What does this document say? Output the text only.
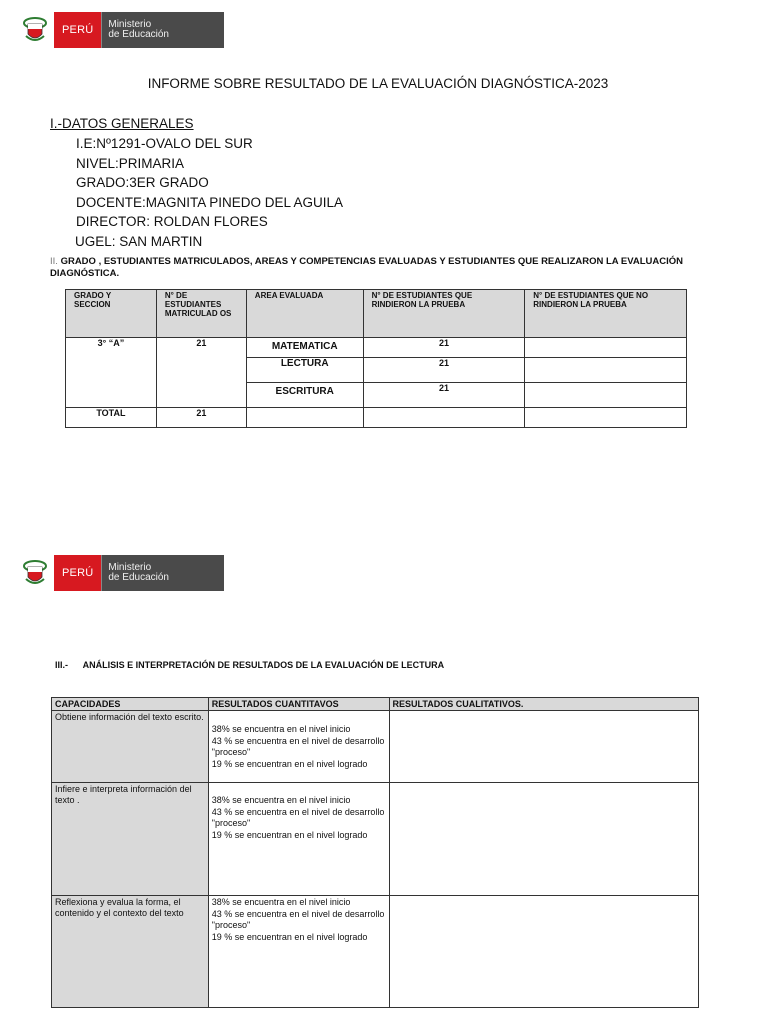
PERÚ	Ministerio
de Educación
INFORME SOBRE RESULTADO DE LA EVALUACIÓN DIAGNÓSTICA-2023
I.-DATOS GENERALES
I.E:Nº1291-OVALO DEL SUR
NIVEL:PRIMARIA
GRADO:3ER GRADO
DOCENTE:MAGNITA PINEDO DEL AGUILA
DIRECTOR: ROLDAN FLORES
UGEL: SAN MARTIN
II. GRADO , ESTUDIANTES MATRICULADOS, AREAS Y COMPETENCIAS EVALUADAS Y ESTUDIANTES QUE REALIZARON LA EVALUACIÓN DIAGNÓSTICA.
GRADO Y SECCION	N° DE ESTUDIANTES MATRICULAD OS	AREA EVALUADA	N° DE ESTUDIANTES QUE RINDIERON LA PRUEBA	N° DE ESTUDIANTES QUE NO RINDIERON LA PRUEBA
3° “A”	21	MATEMATICA	21	
		LECTURA	21	
		ESCRITURA	21	
TOTAL	21			
PERÚ	Ministerio
de Educación
III.-      ANÁLISIS E INTERPRETACIÓN DE RESULTADOS DE LA EVALUACIÓN DE LECTURA
CAPACIDADES	RESULTADOS CUANTITAVOS	RESULTADOS CUALITATIVOS.
Obtiene información del texto escrito.	38% se encuentra en el nivel inicio

43 % se encuentra en el nivel de desarrollo "proceso"

19 % se encuentran en el nivel logrado	

Infiere e interpreta información del texto .	38% se encuentra en el nivel inicio

43 % se encuentra en el nivel de desarrollo "proceso"

19 % se encuentran en el nivel logrado	

Reflexiona y evalua la forma, el contenido y el contexto del texto	38% se encuentra en el nivel inicio

43 % se encuentra en el nivel de desarrollo "proceso"

19 % se encuentran en el nivel logrado	
